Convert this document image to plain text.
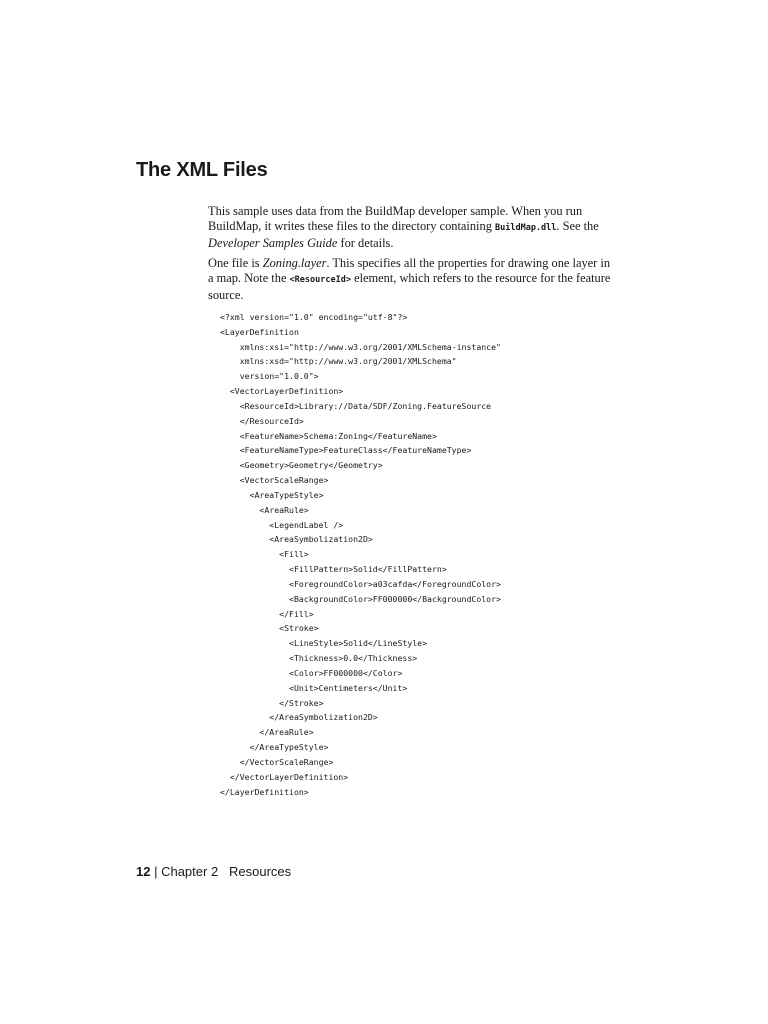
The XML Files

This sample uses data from the BuildMap developer sample. When you run BuildMap, it writes these files to the directory containing BuildMap.dll. See the Developer Samples Guide for details.

One file is Zoning.layer. This specifies all the properties for drawing one layer in a map. Note the <ResourceId> element, which refers to the resource for the feature source.

<?xml version="1.0" encoding="utf-8"?>
<LayerDefinition
xmlns:xsi="http://www.w3.org/2001/XMLSchema-instance"
xmlns:xsd="http://www.w3.org/2001/XMLSchema"
version="1.0.0">
<VectorLayerDefinition>
<ResourceId>Library://Data/SDF/Zoning.FeatureSource
</ResourceId>
<FeatureName>Schema:Zoning</FeatureName>
<FeatureNameType>FeatureClass</FeatureNameType>
<Geometry>Geometry</Geometry>
<VectorScaleRange>
<AreaTypeStyle>
<AreaRule>
<LegendLabel />
<AreaSymbolization2D>
<Fill>
<FillPattern>Solid</FillPattern>
<ForegroundColor>a03cafda</ForegroundColor>
<BackgroundColor>FF000000</BackgroundColor>
</Fill>
<Stroke>
<LineStyle>Solid</LineStyle>
<Thickness>0.0</Thickness>
<Color>FF000000</Color>
<Unit>Centimeters</Unit>
</Stroke>
</AreaSymbolization2D>
</AreaRule>
</AreaTypeStyle>
</VectorScaleRange>
</VectorLayerDefinition>
</LayerDefinition>

12 | Chapter 2 Resources
